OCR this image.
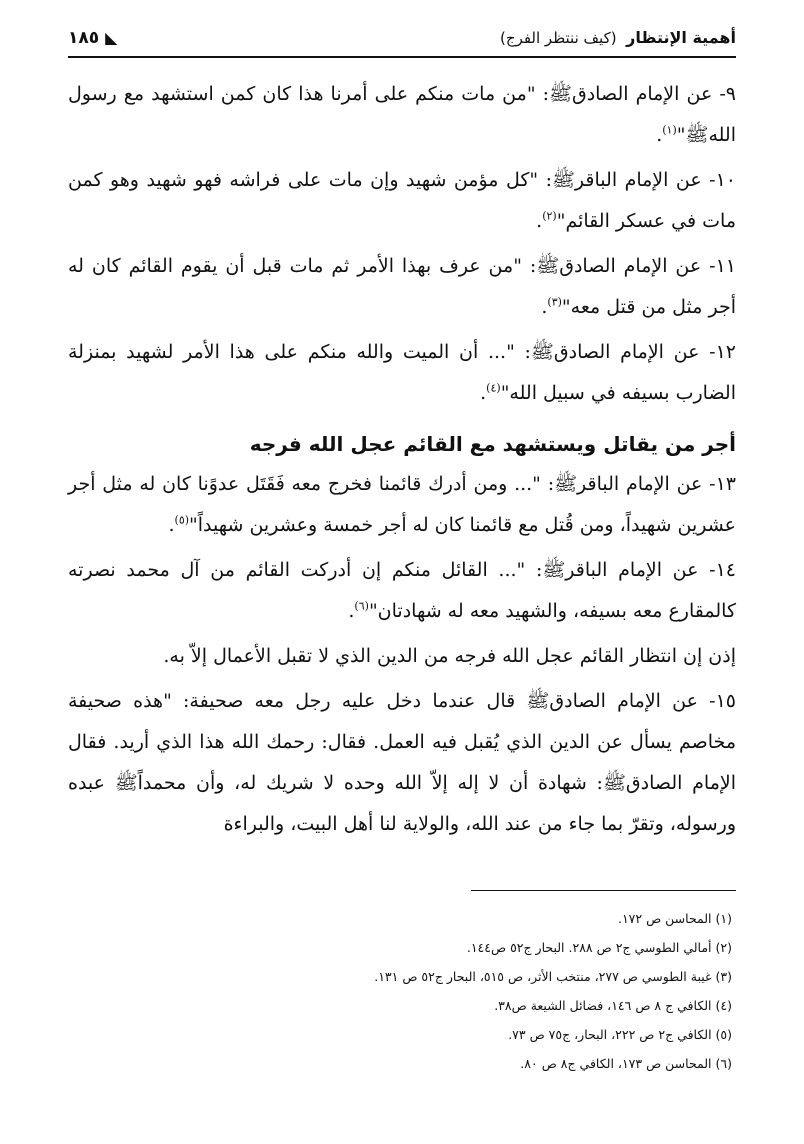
أهمية الإنتظار (كيف ننتظر الفرج)
◣ ١٨٥

٩- عن الإمام الصادقﷺ: "من مات منكم على أمرنا هذا كان كمن استشهد مع رسول اللهﷺ"$^{(١)}$.

١٠- عن الإمام الباقرﷺ: "كل مؤمن شهيد وإن مات على فراشه فهو شهيد وهو كمن مات في عسكر القائم"$^{(٢)}$.

١١- عن الإمام الصادقﷺ: "من عرف بهذا الأمر ثم مات قبل أن يقوم القائم كان له أجر مثل من قتل معه"$^{(٣)}$.

١٢- عن الإمام الصادقﷺ: "... أن الميت والله منكم على هذا الأمر لشهيد بمنزلة الضارب بسيفه في سبيل الله"$^{(٤)}$.

أجر من يقاتل ويستشهد مع القائم عجل الله فرجه

١٣- عن الإمام الباقرﷺ: "... ومن أدرك قائمنا فخرج معه فَقَتَل عدوًنا كان له مثل أجر عشرين شهيداً، ومن قُتل مع قائمنا كان له أجر خمسة وعشرين شهيداً"$^{(٥)}$.

١٤- عن الإمام الباقرﷺ: "... القائل منكم إن أدركت القائم من آل محمد نصرته كالمقارع معه بسيفه، والشهيد معه له شهادتان"$^{(٦)}$.

إذن إن انتظار القائم عجل الله فرجه من الدين الذي لا تقبل الأعمال إلاّ به.

١٥- عن الإمام الصادقﷺ قال عندما دخل عليه رجل معه صحيفة: "هذه صحيفة مخاصم يسأل عن الدين الذي يُقبل فيه العمل. فقال: رحمك الله هذا الذي أريد. فقال الإمام الصادقﷺ: شهادة أن لا إله إلاّ الله وحده لا شريك له، وأن محمداًﷺ عبده ورسوله، وتقرّ بما جاء من عند الله، والولاية لنا أهل البيت، والبراءة

(١) المحاسن ص ١٧٢.
(٢) أمالي الطوسي ج٢ ص ٢٨٨. البحار ج٥٢ ص١٤٤.
(٣) غيبة الطوسي ص ٢٧٧، منتخب الأثر، ص ٥١٥، البحار ج٥٢ ص ١٣١.
(٤) الكافي ج ٨ ص ١٤٦، فضائل الشيعة ص٣٨.
(٥) الكافي ج٢ ص ٢٢٢، البحار، ج٧٥ ص ٧٣.
(٦) المحاسن ص ١٧٣، الكافي ج٨ ص ٨٠.
